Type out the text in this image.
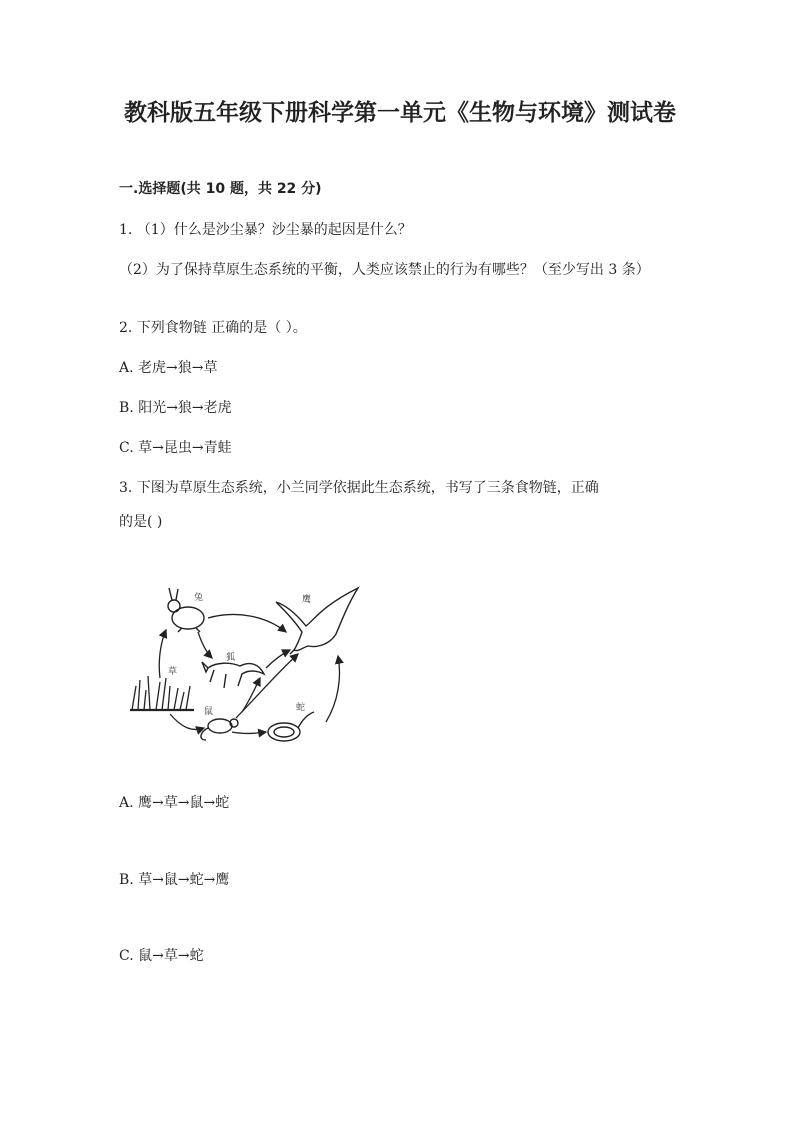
教科版五年级下册科学第一单元《生物与环境》测试卷
一.选择题(共 10 题，共 22 分)
1. （1）什么是沙尘暴？沙尘暴的起因是什么？
（2）为了保持草原生态系统的平衡，人类应该禁止的行为有哪些？（至少写出 3 条）
2. 下列食物链 正确的是（ ）。
A. 老虎→狼→草
B. 阳光→狼→老虎
C. 草→昆虫→青蛙
3. 下图为草原生态系统，小兰同学依据此生态系统，书写了三条食物链，正确
的是( )
兔	鹰
狐
草
鼠	蛇
A. 鹰→草→鼠→蛇
B. 草→鼠→蛇→鹰
C. 鼠→草→蛇
